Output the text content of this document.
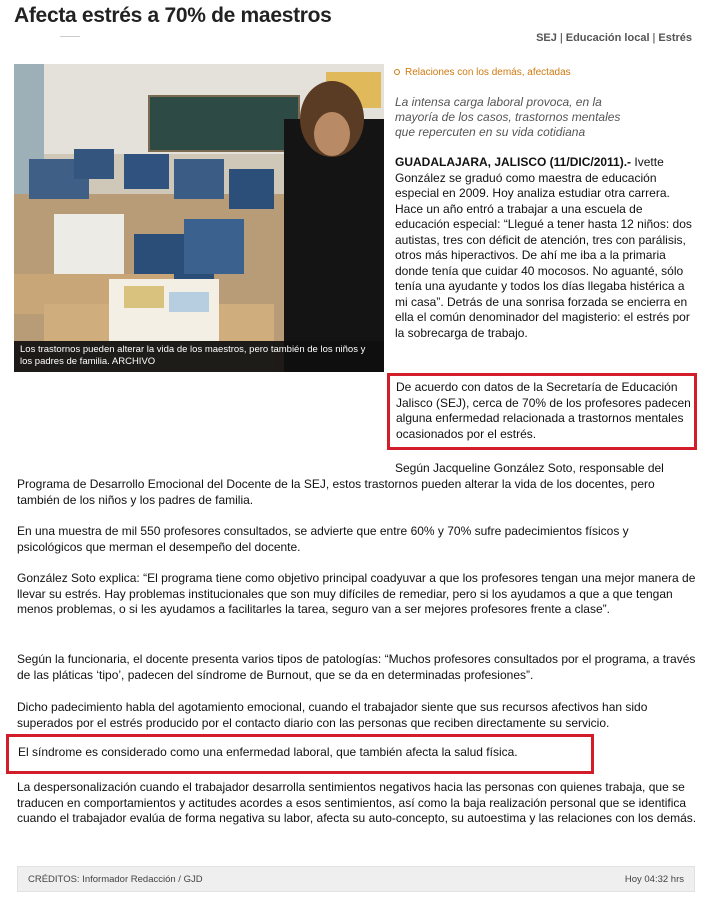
Afecta estrés a 70% de maestros
SEJ | Educación local | Estrés
Los trastornos pueden alterar la vida de los maestros, pero también de los niños y los padres de familia. ARCHIVO
Relaciones con los demás, afectadas
La intensa carga laboral provoca, en la mayoría de los casos, trastornos mentales que repercuten en su vida cotidiana
GUADALAJARA, JALISCO (11/DIC/2011).- Ivette González se graduó como maestra de educación especial en 2009. Hoy analiza estudiar otra carrera. Hace un año entró a trabajar a una escuela de educación especial: “Llegué a tener hasta 12 niños: dos autistas, tres con déficit de atención, tres con parálisis, otros más hiperactivos. De ahí me iba a la primaria donde tenía que cuidar 40 mocosos. No aguanté, sólo tenía una ayudante y todos los días llegaba histérica a mi casa”. Detrás de una sonrisa forzada se encierra en ella el común denominador del magisterio: el estrés por la sobrecarga de trabajo.

De acuerdo con datos de la Secretaría de Educación Jalisco (SEJ), cerca de 70% de los profesores padecen alguna enfermedad relacionada a trastornos mentales ocasionados por el estrés.

Según Jacqueline González Soto, responsable del

Programa de Desarrollo Emocional del Docente de la SEJ, estos trastornos pueden alterar la vida de los docentes, pero también de los niños y los padres de familia.

En una muestra de mil 550 profesores consultados, se advierte que entre 60% y 70% sufre padecimientos físicos y psicológicos que merman el desempeño del docente.

González Soto explica: “El programa tiene como objetivo principal coadyuvar a que los profesores tengan una mejor manera de llevar su estrés. Hay problemas institucionales que son muy difíciles de remediar, pero si los ayudamos a que a que tengan menos problemas, o si les ayudamos a facilitarles la tarea, seguro van a ser mejores profesores frente a clase”.

Según la funcionaria, el docente presenta varios tipos de patologías: “Muchos profesores consultados por el programa, a través de las pláticas ‘tipo’, padecen del síndrome de Burnout, que se da en determinadas profesiones”.

Dicho padecimiento habla del agotamiento emocional, cuando el trabajador siente que sus recursos afectivos han sido superados por el estrés producido por el contacto diario con las personas que reciben directamente su servicio.

El síndrome es considerado como una enfermedad laboral, que también afecta la salud física.

La despersonalización cuando el trabajador desarrolla sentimientos negativos hacia las personas con quienes trabaja, que se traducen en comportamientos y actitudes acordes a esos sentimientos, así como la baja realización personal que se identifica cuando el trabajador evalúa de forma negativa su labor, afecta su auto-concepto, su autoestima y las relaciones con los demás.

CRÉDITOS: Informador Redacción / GJD	Hoy 04:32 hrs
